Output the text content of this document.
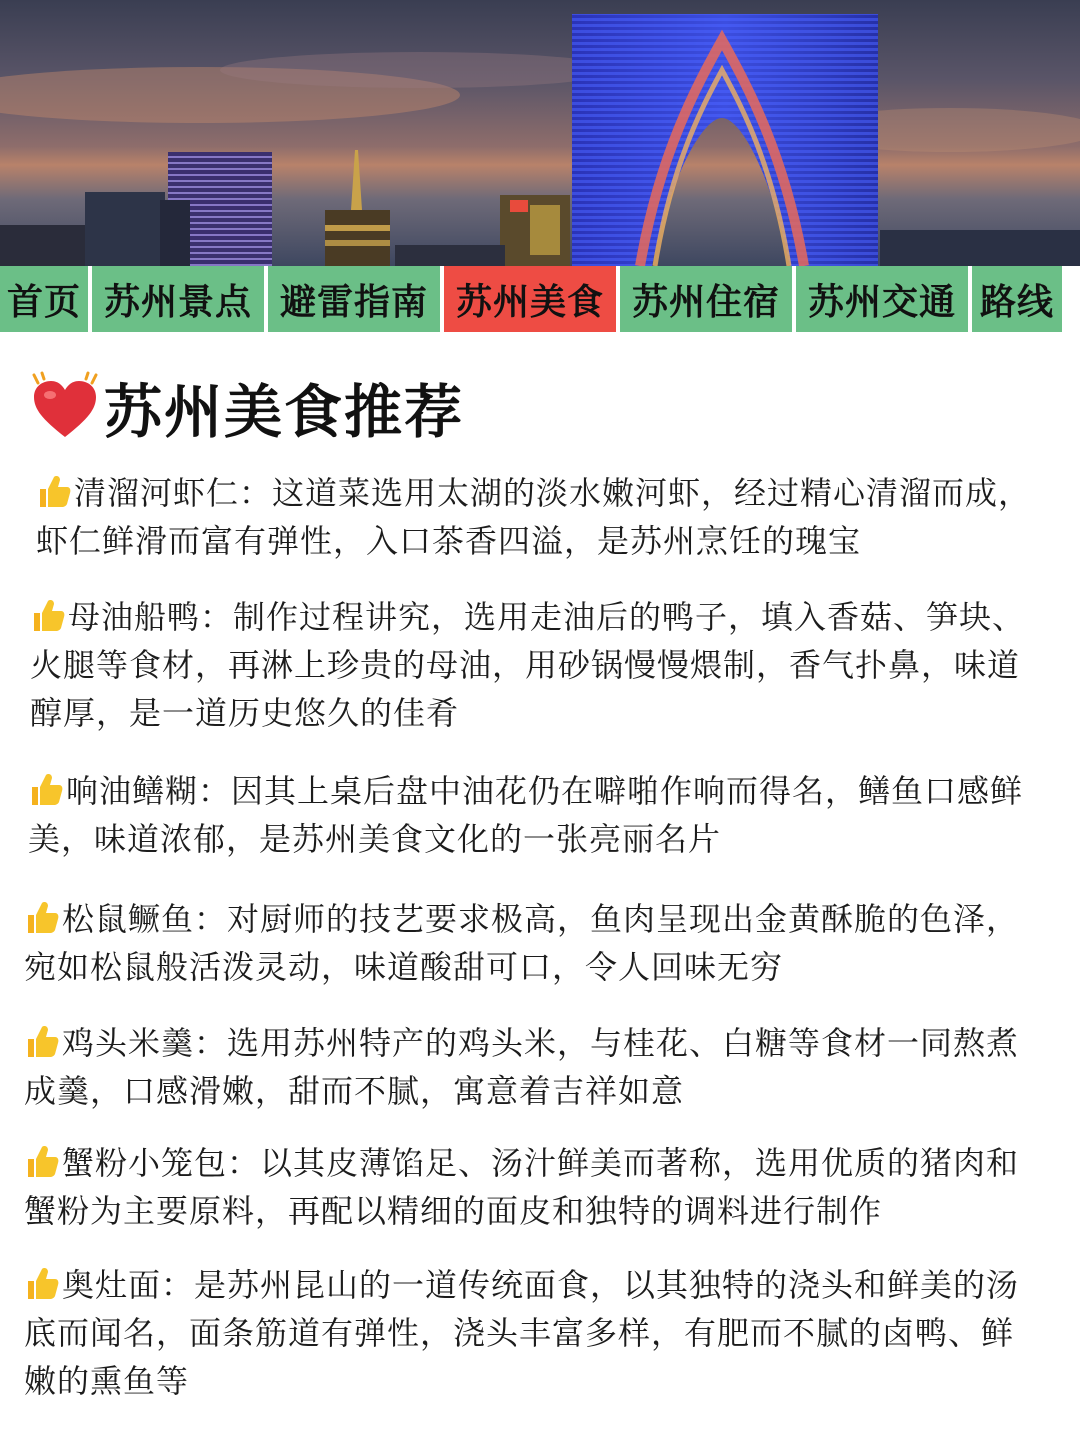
首页 苏州景点 避雷指南 苏州美食 苏州住宿 苏州交通 路线
苏州美食推荐
清溜河虾仁：这道菜选用太湖的淡水嫩河虾，经过精心清溜而成，虾仁鲜滑而富有弹性，入口茶香四溢，是苏州烹饪的瑰宝
母油船鸭：制作过程讲究，选用走油后的鸭子，填入香菇、笋块、火腿等食材，再淋上珍贵的母油，用砂锅慢慢煨制，香气扑鼻，味道醇厚，是一道历史悠久的佳肴
响油鳝糊：因其上桌后盘中油花仍在噼啪作响而得名，鳝鱼口感鲜美，味道浓郁，是苏州美食文化的一张亮丽名片
松鼠鳜鱼：对厨师的技艺要求极高，鱼肉呈现出金黄酥脆的色泽，宛如松鼠般活泼灵动，味道酸甜可口，令人回味无穷
鸡头米羹：选用苏州特产的鸡头米，与桂花、白糖等食材一同熬煮成羹，口感滑嫩，甜而不腻，寓意着吉祥如意
蟹粉小笼包：以其皮薄馅足、汤汁鲜美而著称，选用优质的猪肉和蟹粉为主要原料，再配以精细的面皮和独特的调料进行制作
奥灶面：是苏州昆山的一道传统面食，以其独特的浇头和鲜美的汤底而闻名，面条筋道有弹性，浇头丰富多样，有肥而不腻的卤鸭、鲜嫩的熏鱼等
